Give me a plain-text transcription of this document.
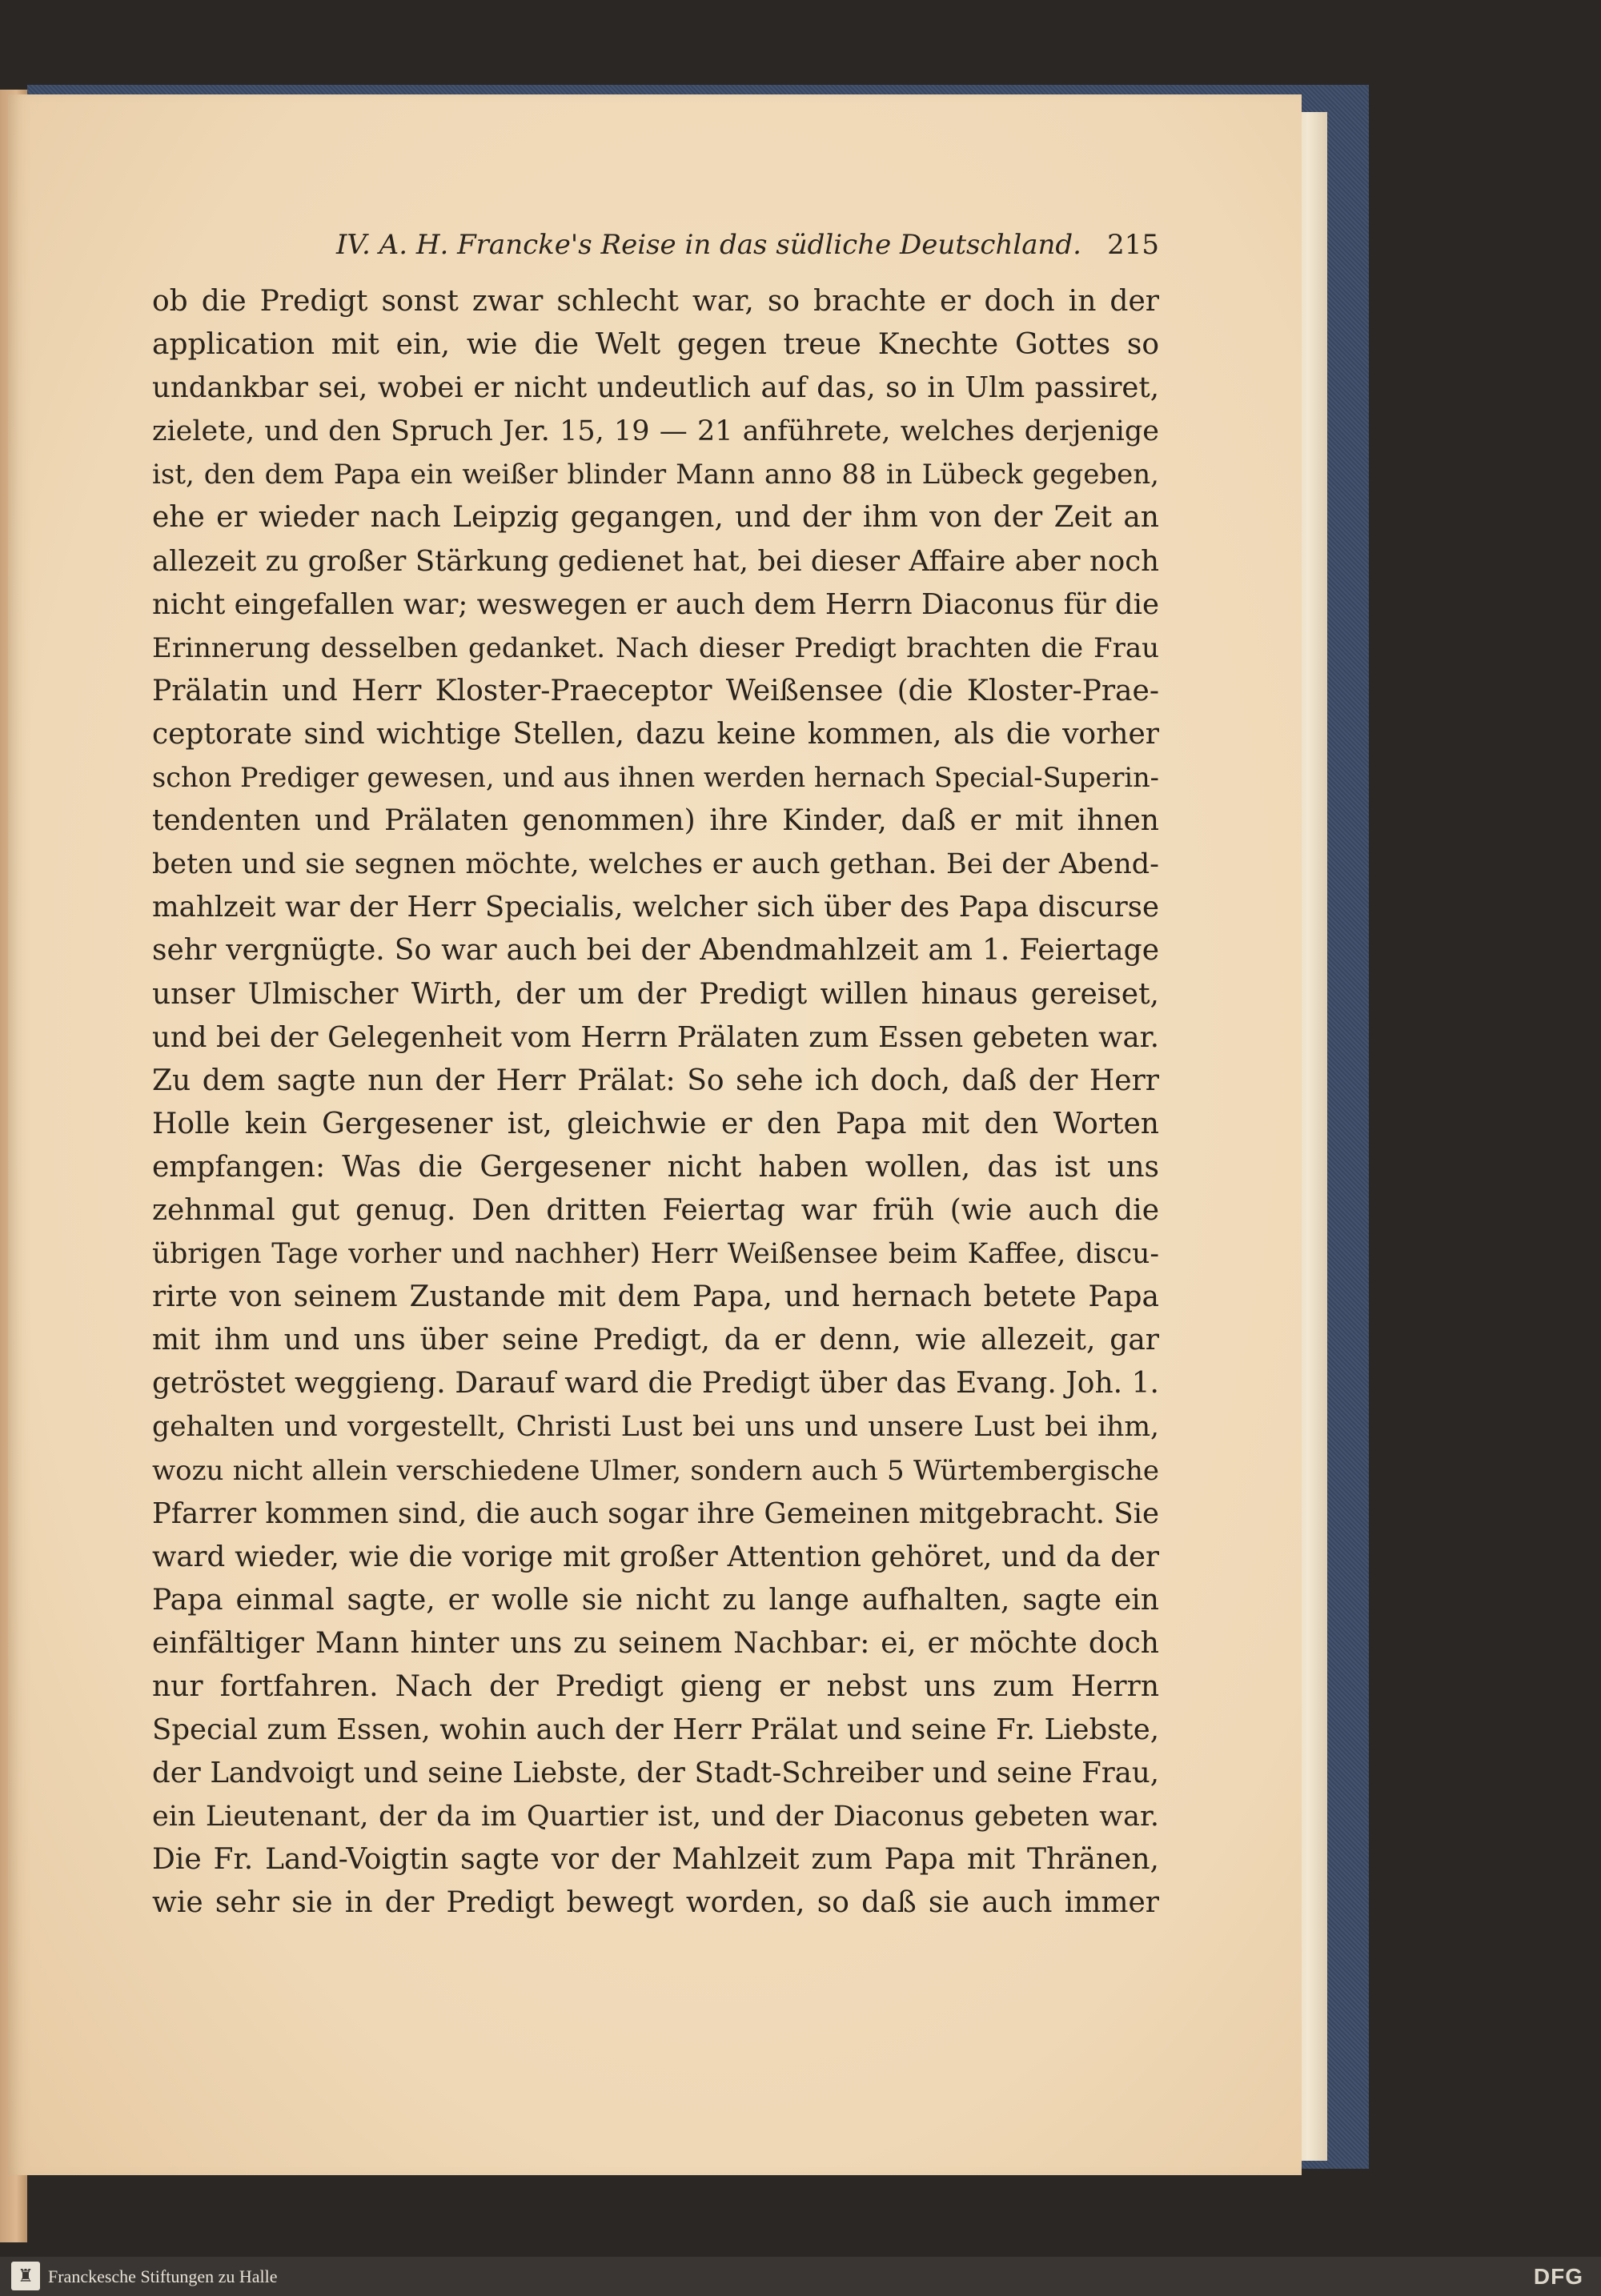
IV. A. H. Francke's Reise in das südliche Deutschland. 215
ob die Predigt sonst zwar schlecht war, so brachte er doch in der
application mit ein, wie die Welt gegen treue Knechte Gottes so
undankbar sei, wobei er nicht undeutlich auf das, so in Ulm passiret,
zielete, und den Spruch Jer. 15, 19 — 21 anführete, welches derjenige
ist, den dem Papa ein weißer blinder Mann anno 88 in Lübeck gegeben,
ehe er wieder nach Leipzig gegangen, und der ihm von der Zeit an
allezeit zu großer Stärkung gedienet hat, bei dieser Affaire aber noch
nicht eingefallen war; weswegen er auch dem Herrn Diaconus für die
Erinnerung desselben gedanket. Nach dieser Predigt brachten die Frau
Prälatin und Herr Kloster-Praeceptor Weißensee (die Kloster-Prae-
ceptorate sind wichtige Stellen, dazu keine kommen, als die vorher
schon Prediger gewesen, und aus ihnen werden hernach Special-Superin-
tendenten und Prälaten genommen) ihre Kinder, daß er mit ihnen
beten und sie segnen möchte, welches er auch gethan. Bei der Abend-
mahlzeit war der Herr Specialis, welcher sich über des Papa discurse
sehr vergnügte. So war auch bei der Abendmahlzeit am 1. Feiertage
unser Ulmischer Wirth, der um der Predigt willen hinaus gereiset,
und bei der Gelegenheit vom Herrn Prälaten zum Essen gebeten war.
Zu dem sagte nun der Herr Prälat: So sehe ich doch, daß der Herr
Holle kein Gergesener ist, gleichwie er den Papa mit den Worten
empfangen: Was die Gergesener nicht haben wollen, das ist uns
zehnmal gut genug. Den dritten Feiertag war früh (wie auch die
übrigen Tage vorher und nachher) Herr Weißensee beim Kaffee, discu-
rirte von seinem Zustande mit dem Papa, und hernach betete Papa
mit ihm und uns über seine Predigt, da er denn, wie allezeit, gar
getröstet weggieng. Darauf ward die Predigt über das Evang. Joh. 1.
gehalten und vorgestellt, Christi Lust bei uns und unsere Lust bei ihm,
wozu nicht allein verschiedene Ulmer, sondern auch 5 Würtembergische
Pfarrer kommen sind, die auch sogar ihre Gemeinen mitgebracht. Sie
ward wieder, wie die vorige mit großer Attention gehöret, und da der
Papa einmal sagte, er wolle sie nicht zu lange aufhalten, sagte ein
einfältiger Mann hinter uns zu seinem Nachbar: ei, er möchte doch
nur fortfahren. Nach der Predigt gieng er nebst uns zum Herrn
Special zum Essen, wohin auch der Herr Prälat und seine Fr. Liebste,
der Landvoigt und seine Liebste, der Stadt-Schreiber und seine Frau,
ein Lieutenant, der da im Quartier ist, und der Diaconus gebeten war.
Die Fr. Land-Voigtin sagte vor der Mahlzeit zum Papa mit Thränen,
wie sehr sie in der Predigt bewegt worden, so daß sie auch immer
♜ Franckesche Stiftungen zu Halle	DFG
